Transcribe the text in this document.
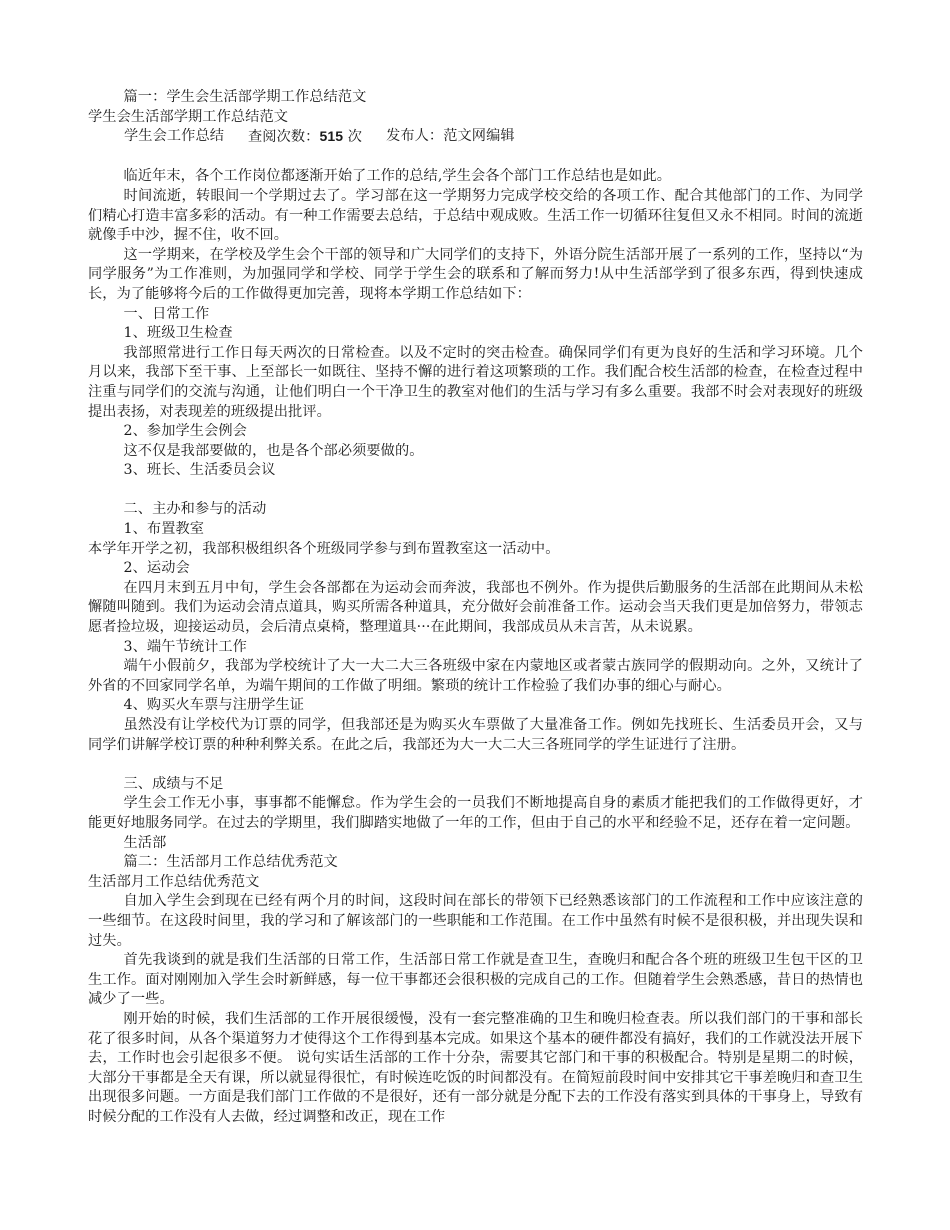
篇一：学生会生活部学期工作总结范文

学生会生活部学期工作总结范文

学生会工作总结 查阅次数：515 次 发布人：范文网编辑

临近年末，各个工作岗位都逐渐开始了工作的总结,学生会各个部门工作总结也是如此。

时间流逝，转眼间一个学期过去了。学习部在这一学期努力完成学校交给的各项工作、配合其他部门的工作、为同学们精心打造丰富多彩的活动。有一种工作需要去总结，于总结中观成败。生活工作一切循环往复但又永不相同。时间的流逝就像手中沙，握不住，收不回。

这一学期来，在学校及学生会个干部的领导和广大同学们的支持下，外语分院生活部开展了一系列的工作，坚持以“为同学服务”为工作准则，为加强同学和学校、同学于学生会的联系和了解而努力!从中生活部学到了很多东西，得到快速成长，为了能够将今后的工作做得更加完善，现将本学期工作总结如下：

一、日常工作

1、班级卫生检查

我部照常进行工作日每天两次的日常检查。以及不定时的突击检查。确保同学们有更为良好的生活和学习环境。几个月以来，我部下至干事、上至部长一如既往、坚持不懈的进行着这项繁琐的工作。我们配合校生活部的检查，在检查过程中注重与同学们的交流与沟通，让他们明白一个干净卫生的教室对他们的生活与学习有多么重要。我部不时会对表现好的班级提出表扬，对表现差的班级提出批评。

2、参加学生会例会

这不仅是我部要做的，也是各个部必须要做的。

3、班长、生活委员会议

二、主办和参与的活动

1、布置教室

本学年开学之初，我部积极组织各个班级同学参与到布置教室这一活动中。

2、运动会

在四月末到五月中旬，学生会各部都在为运动会而奔波，我部也不例外。作为提供后勤服务的生活部在此期间从未松懈随叫随到。我们为运动会清点道具，购买所需各种道具，充分做好会前准备工作。运动会当天我们更是加倍努力，带领志愿者捡垃圾，迎接运动员，会后清点桌椅，整理道具···在此期间，我部成员从未言苦，从未说累。

3、端午节统计工作

端午小假前夕，我部为学校统计了大一大二大三各班级中家在内蒙地区或者蒙古族同学的假期动向。之外，又统计了外省的不回家同学名单，为端午期间的工作做了明细。繁琐的统计工作检验了我们办事的细心与耐心。

4、购买火车票与注册学生证

虽然没有让学校代为订票的同学，但我部还是为购买火车票做了大量准备工作。例如先找班长、生活委员开会，又与同学们讲解学校订票的种种利弊关系。在此之后，我部还为大一大二大三各班同学的学生证进行了注册。

三、成绩与不足

学生会工作无小事，事事都不能懈怠。作为学生会的一员我们不断地提高自身的素质才能把我们的工作做得更好，才能更好地服务同学。在过去的学期里，我们脚踏实地做了一年的工作，但由于自己的水平和经验不足，还存在着一定问题。

生活部

篇二：生活部月工作总结优秀范文

生活部月工作总结优秀范文

自加入学生会到现在已经有两个月的时间，这段时间在部长的带领下已经熟悉该部门的工作流程和工作中应该注意的一些细节。在这段时间里，我的学习和了解该部门的一些职能和工作范围。在工作中虽然有时候不是很积极，并出现失误和过失。

首先我谈到的就是我们生活部的日常工作，生活部日常工作就是查卫生，查晚归和配合各个班的班级卫生包干区的卫生工作。面对刚刚加入学生会时新鲜感，每一位干事都还会很积极的完成自己的工作。但随着学生会熟悉感，昔日的热情也减少了一些。

刚开始的时候，我们生活部的工作开展很缓慢，没有一套完整准确的卫生和晚归检查表。所以我们部门的干事和部长花了很多时间，从各个渠道努力才使得这个工作得到基本完成。如果这个基本的硬件都没有搞好，我们的工作就没法开展下去，工作时也会引起很多不便。 说句实话生活部的工作十分杂，需要其它部门和干事的积极配合。特别是星期二的时候，大部分干事都是全天有课，所以就显得很忙，有时候连吃饭的时间都没有。在简短前段时间中安排其它干事差晚归和查卫生出现很多问题。一方面是我们部门工作做的不是很好，还有一部分就是分配下去的工作没有落实到具体的干事身上，导致有时候分配的工作没有人去做，经过调整和改正，现在工作
